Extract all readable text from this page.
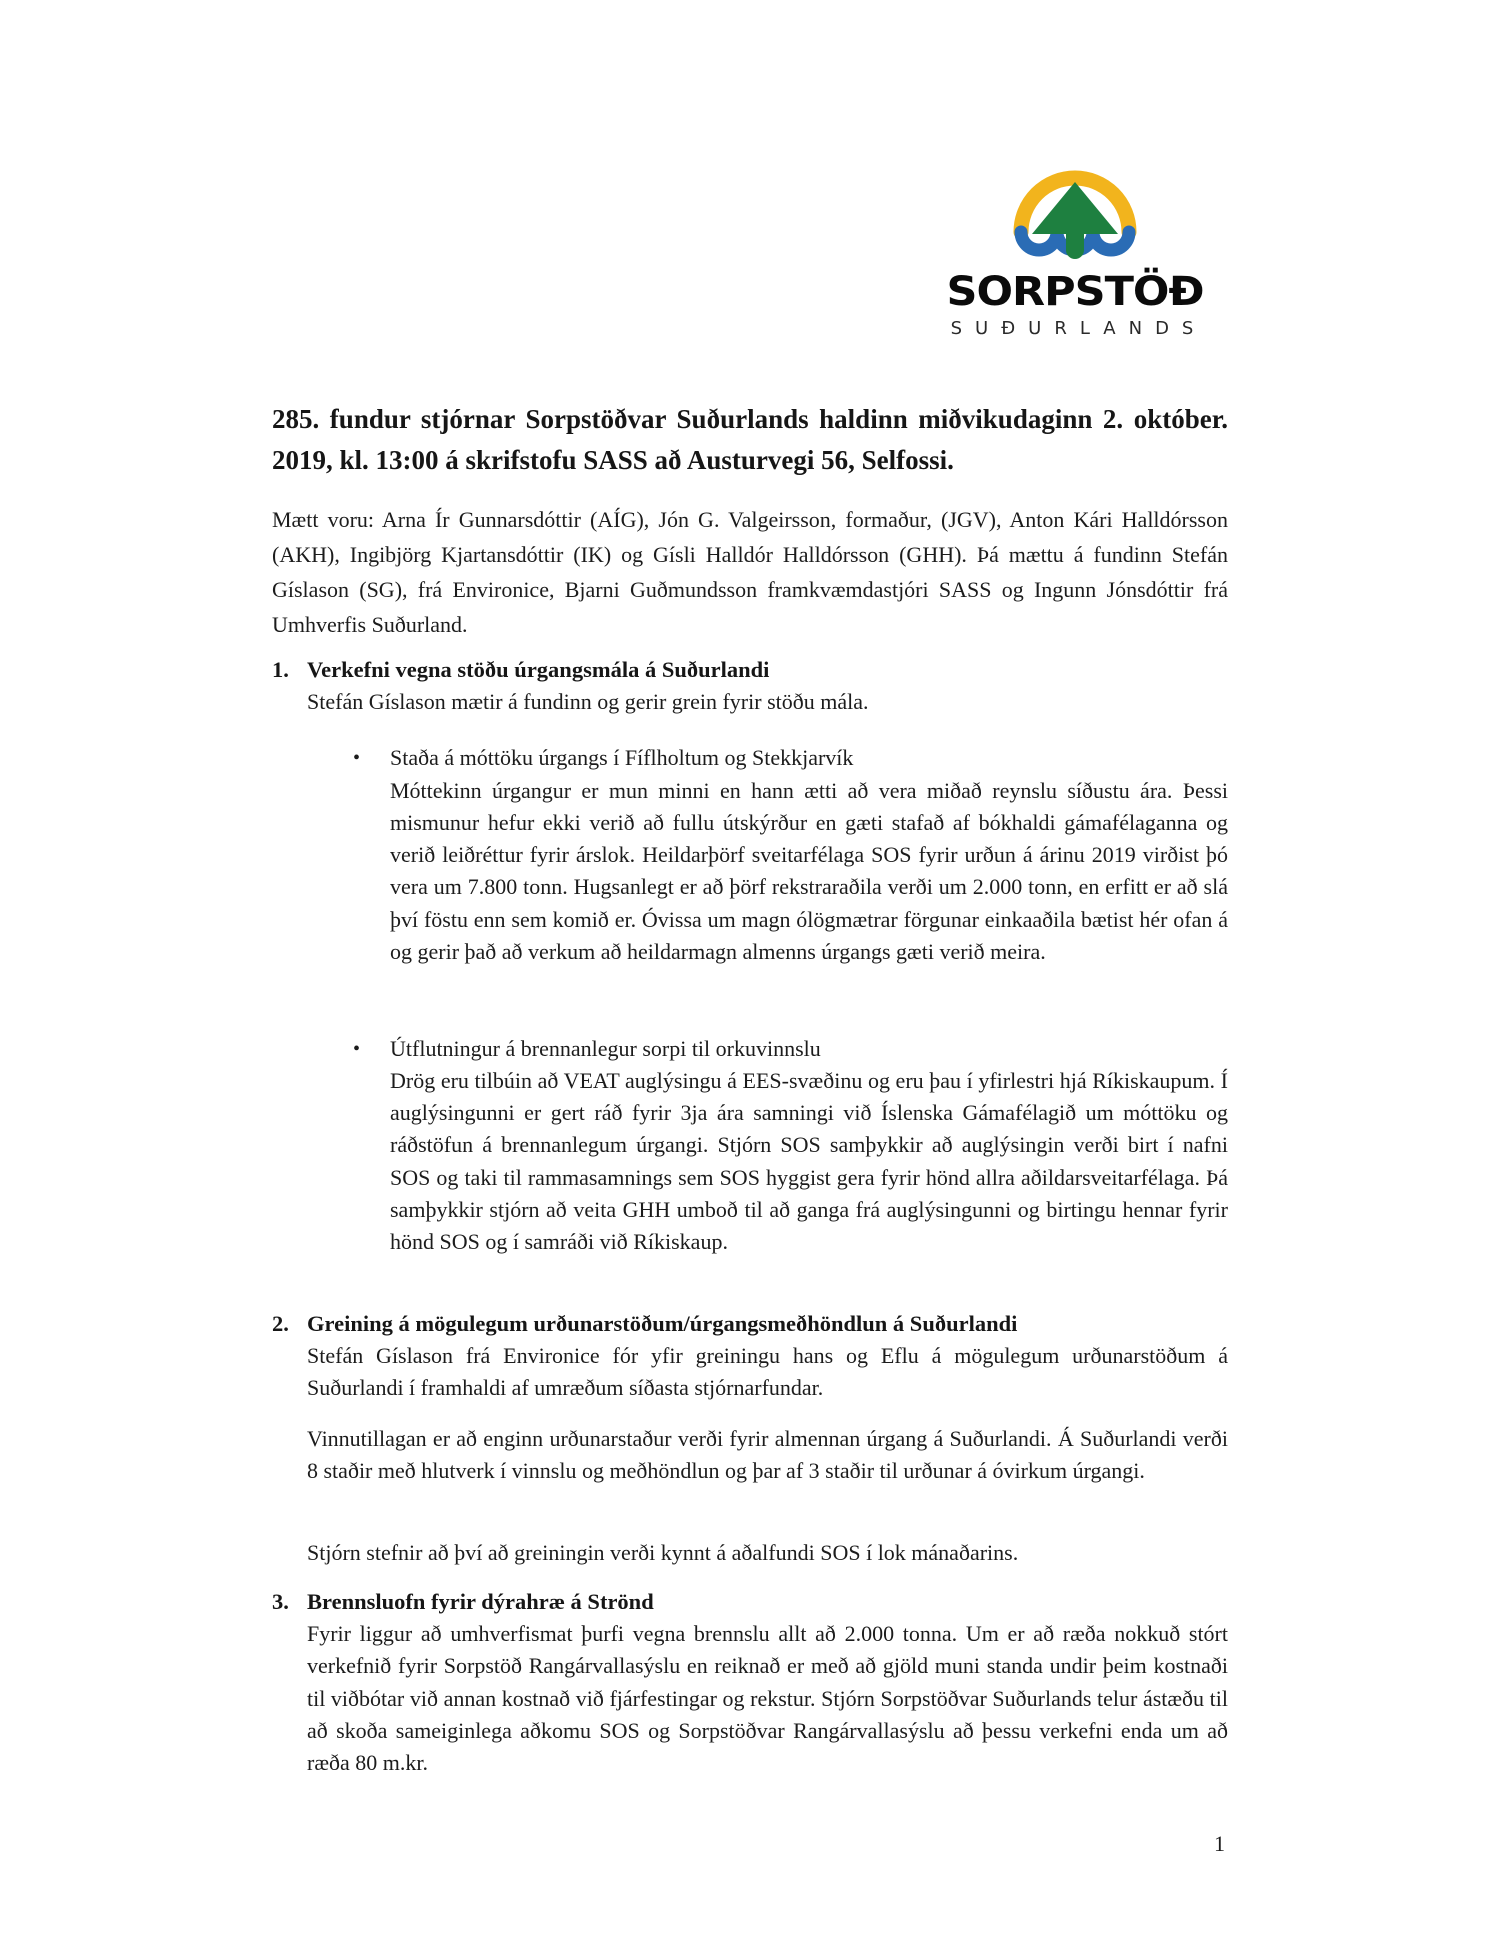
SORPSTÖÐ
SUÐURLANDS
285. fundur stjórnar Sorpstöðvar Suðurlands haldinn miðvikudaginn 2. október. 2019, kl. 13:00 á skrifstofu SASS að Austurvegi 56, Selfossi.

Mætt voru: Arna Ír Gunnarsdóttir (AÍG), Jón G. Valgeirsson, formaður, (JGV), Anton Kári Halldórsson (AKH), Ingibjörg Kjartansdóttir (IK) og Gísli Halldór Halldórsson (GHH). Þá mættu á fundinn Stefán Gíslason (SG), frá Environice, Bjarni Guðmundsson framkvæmdastjóri SASS og Ingunn Jónsdóttir frá Umhverfis Suðurland.

1. Verkefni vegna stöðu úrgangsmála á Suðurlandi

Stefán Gíslason mætir á fundinn og gerir grein fyrir stöðu mála.

•	Staða á móttöku úrgangs í Fíflholtum og Stekkjarvík

Móttekinn úrgangur er mun minni en hann ætti að vera miðað reynslu síðustu ára. Þessi mismunur hefur ekki verið að fullu útskýrður en gæti stafað af bókhaldi gámafélaganna og verið leiðréttur fyrir árslok. Heildarþörf sveitarfélaga SOS fyrir urðun á árinu 2019 virðist þó vera um 7.800 tonn. Hugsanlegt er að þörf rekstraraðila verði um 2.000 tonn, en erfitt er að slá því föstu enn sem komið er. Óvissa um magn ólögmætrar förgunar einkaaðila bætist hér ofan á og gerir það að verkum að heildarmagn almenns úrgangs gæti verið meira.

•	Útflutningur á brennanlegur sorpi til orkuvinnslu

Drög eru tilbúin að VEAT auglýsingu á EES-svæðinu og eru þau í yfirlestri hjá Ríkiskaupum. Í auglýsingunni er gert ráð fyrir 3ja ára samningi við Íslenska Gámafélagið um móttöku og ráðstöfun á brennanlegum úrgangi. Stjórn SOS samþykkir að auglýsingin verði birt í nafni SOS og taki til rammasamnings sem SOS hyggist gera fyrir hönd allra aðildarsveitarfélaga. Þá samþykkir stjórn að veita GHH umboð til að ganga frá auglýsingunni og birtingu hennar fyrir hönd SOS og í samráði við Ríkiskaup.

2. Greining á mögulegum urðunarstöðum/úrgangsmeðhöndlun á Suðurlandi

Stefán Gíslason frá Environice fór yfir greiningu hans og Eflu á mögulegum urðunarstöðum á Suðurlandi í framhaldi af umræðum síðasta stjórnarfundar.

Vinnutillagan er að enginn urðunarstaður verði fyrir almennan úrgang á Suðurlandi. Á Suðurlandi verði 8 staðir með hlutverk í vinnslu og meðhöndlun og þar af 3 staðir til urðunar á óvirkum úrgangi.

Stjórn stefnir að því að greiningin verði kynnt á aðalfundi SOS í lok mánaðarins.

3. Brennsluofn fyrir dýrahræ á Strönd

Fyrir liggur að umhverfismat þurfi vegna brennslu allt að 2.000 tonna. Um er að ræða nokkuð stórt verkefnið fyrir Sorpstöð Rangárvallasýslu en reiknað er með að gjöld muni standa undir þeim kostnaði til viðbótar við annan kostnað við fjárfestingar og rekstur. Stjórn Sorpstöðvar Suðurlands telur ástæðu til að skoða sameiginlega aðkomu SOS og Sorpstöðvar Rangárvallasýslu að þessu verkefni enda um að ræða 80 m.kr.

1
